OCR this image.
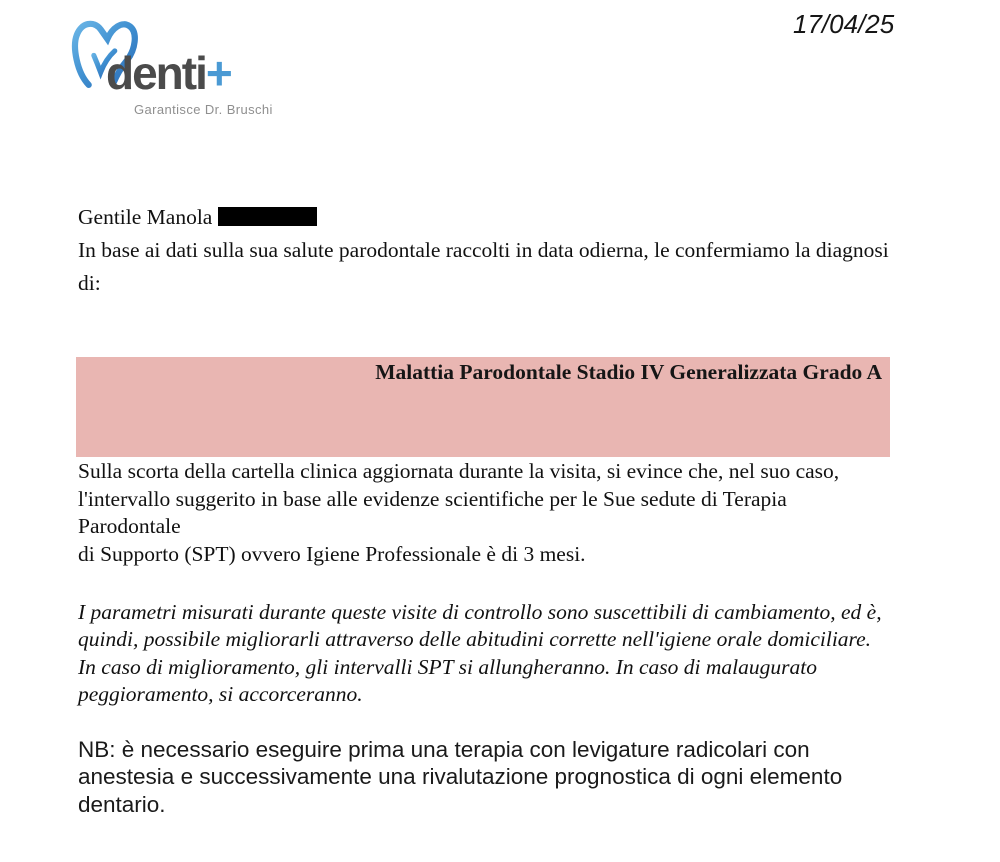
denti+
Garantisce Dr. Bruschi
17/04/25
Gentile Manola
In base ai dati sulla sua salute parodontale raccolti in data odierna, le confermiamo la diagnosi
di:
Malattia Parodontale Stadio IV Generalizzata Grado A
Sulla scorta della cartella clinica aggiornata durante la visita, si evince che, nel suo caso,
l'intervallo suggerito in base alle evidenze scientifiche per le Sue sedute di Terapia Parodontale
di Supporto (SPT) ovvero Igiene Professionale è di 3 mesi.
I parametri misurati durante queste visite di controllo sono suscettibili di cambiamento, ed è,
quindi, possibile migliorarli attraverso delle abitudini corrette nell'igiene orale domiciliare.
In caso di miglioramento, gli intervalli SPT si allungheranno. In caso di malaugurato
peggioramento, si accorceranno.
NB: è necessario eseguire prima una terapia con levigature radicolari con
anestesia e successivamente una rivalutazione prognostica di ogni elemento
dentario.
